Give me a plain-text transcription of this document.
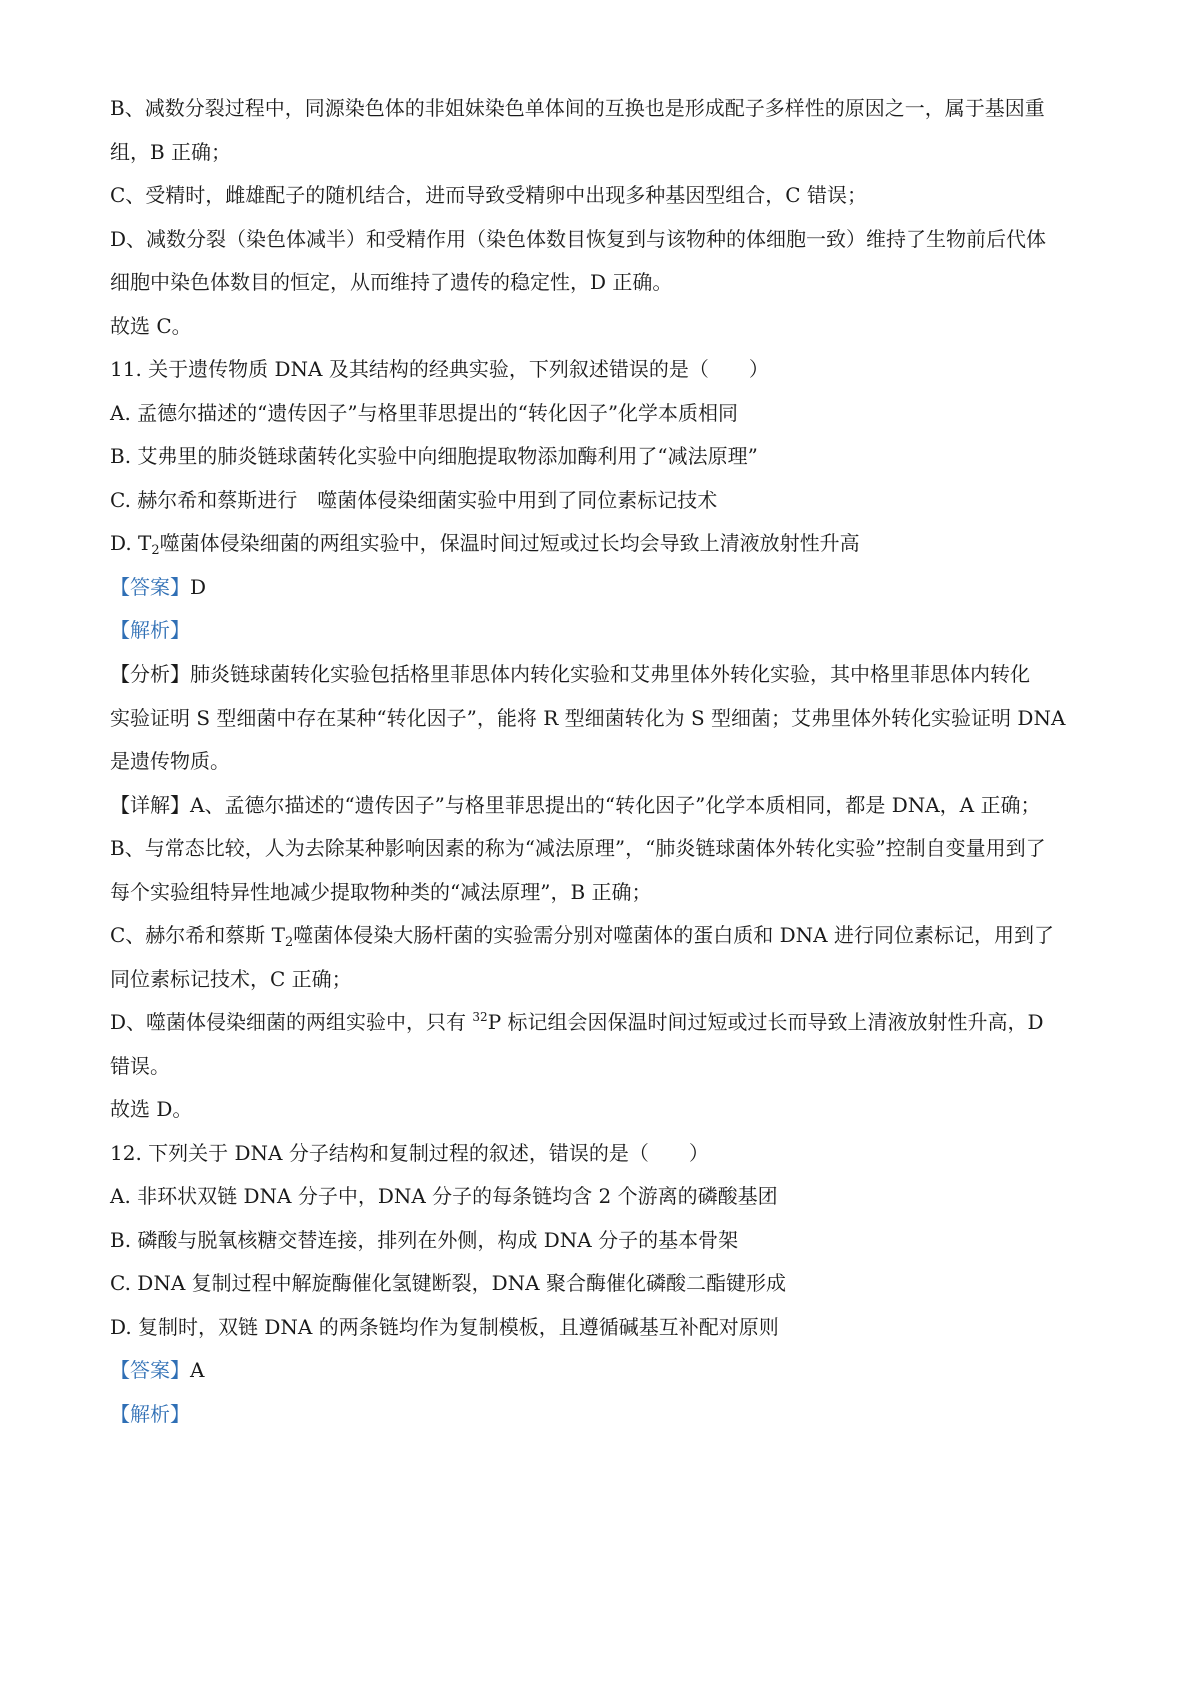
B、减数分裂过程中，同源染色体的非姐妹染色单体间的互换也是形成配子多样性的原因之一，属于基因重
组，B 正确；
C、受精时，雌雄配子的随机结合，进而导致受精卵中出现多种基因型组合，C 错误；
D、减数分裂（染色体减半）和受精作用（染色体数目恢复到与该物种的体细胞一致）维持了生物前后代体
细胞中染色体数目的恒定，从而维持了遗传的稳定性，D 正确。
故选 C。
11. 关于遗传物质 DNA 及其结构的经典实验，下列叙述错误的是（　　）
A. 孟德尔描述的“遗传因子”与格里菲思提出的“转化因子”化学本质相同
B. 艾弗里的肺炎链球菌转化实验中向细胞提取物添加酶利用了“减法原理”
C. 赫尔希和蔡斯进行　噬菌体侵染细菌实验中用到了同位素标记技术
D. $T_2$噬菌体侵染细菌的两组实验中，保温时间过短或过长均会导致上清液放射性升高
【答案】D
【解析】
【分析】肺炎链球菌转化实验包括格里菲思体内转化实验和艾弗里体外转化实验，其中格里菲思体内转化
实验证明 S 型细菌中存在某种“转化因子”，能将 R 型细菌转化为 S 型细菌；艾弗里体外转化实验证明 DNA
是遗传物质。
【详解】A、孟德尔描述的“遗传因子”与格里菲思提出的“转化因子”化学本质相同，都是 DNA，A 正确；
B、与常态比较，人为去除某种影响因素的称为“减法原理”，“肺炎链球菌体外转化实验”控制自变量用到了
每个实验组特异性地减少提取物种类的“减法原理”，B 正确；
C、赫尔希和蔡斯 $T_2$噬菌体侵染大肠杆菌的实验需分别对噬菌体的蛋白质和 DNA 进行同位素标记，用到了
同位素标记技术，C 正确；
D、噬菌体侵染细菌的两组实验中，只有 $^{32}$P 标记组会因保温时间过短或过长而导致上清液放射性升高，D
错误。
故选 D。
12. 下列关于 DNA 分子结构和复制过程的叙述，错误的是（　　）
A. 非环状双链 DNA 分子中，DNA 分子的每条链均含 2 个游离的磷酸基团
B. 磷酸与脱氧核糖交替连接，排列在外侧，构成 DNA 分子的基本骨架
C. DNA 复制过程中解旋酶催化氢键断裂，DNA 聚合酶催化磷酸二酯键形成
D. 复制时，双链 DNA 的两条链均作为复制模板，且遵循碱基互补配对原则
【答案】A
【解析】
